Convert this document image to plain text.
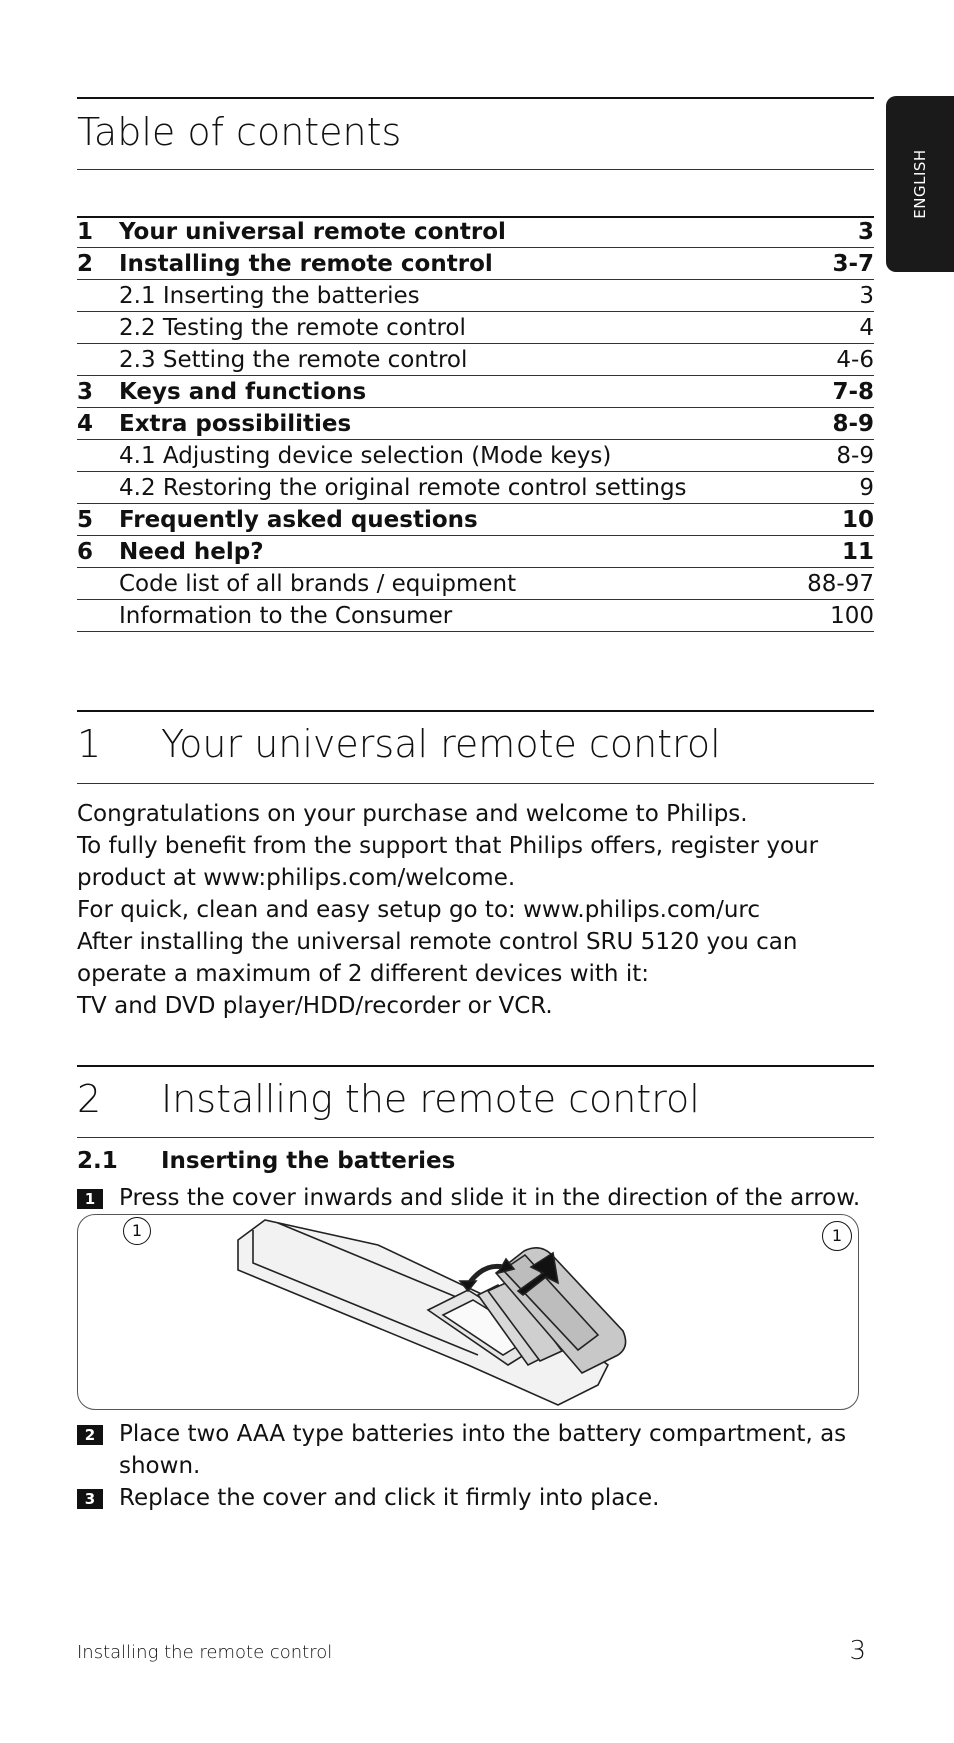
ENGLISH
Table of contents
1 Your universal remote control	3
2 Installing the remote control	3-7
2.1 Inserting the batteries	3
2.2 Testing the remote control	4
2.3 Setting the remote control	4-6
3 Keys and functions	7-8
4 Extra possibilities	8-9
4.1 Adjusting device selection (Mode keys)	8-9
4.2 Restoring the original remote control settings	9
5 Frequently asked questions	10
6 Need help?	11
Code list of all brands / equipment	88-97
Information to the Consumer	100
1 Your universal remote control

Congratulations on your purchase and welcome to Philips.

To fully benefit from the support that Philips offers, register your product at www:philips.com/welcome.

For quick, clean and easy setup go to: www.philips.com/urc

After installing the universal remote control SRU 5120 you can operate a maximum of 2 different devices with it:

TV and DVD player/HDD/recorder or VCR.

2 Installing the remote control
2.1 Inserting the batteries
1	Press the cover inwards and slide it in the direction of the arrow.1	1
2	Place two AAA type batteries into the battery compartment, as shown.
3	Replace the cover and click it firmly into place.
Installing the remote control	3
